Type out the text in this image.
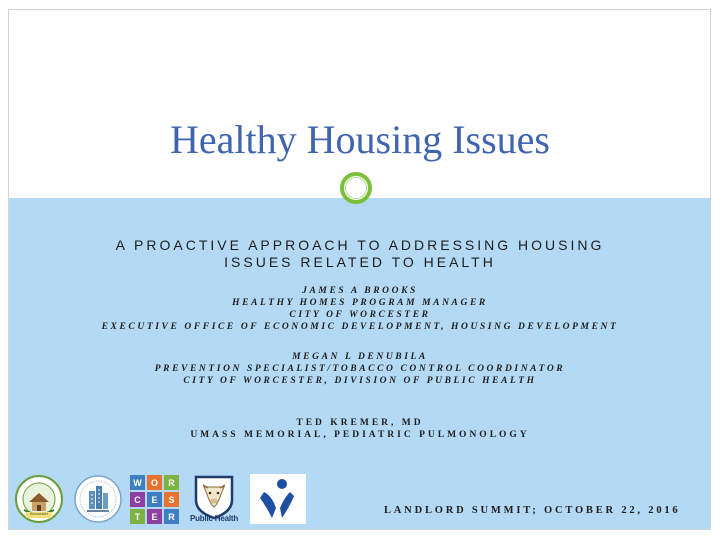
Healthy Housing Issues
A PROACTIVE APPROACH TO ADDRESSING HOUSING
ISSUES RELATED TO HEALTH
JAMES A BROOKS
HEALTHY HOMES PROGRAM MANAGER
CITY OF WORCESTER
EXECUTIVE OFFICE OF ECONOMIC DEVELOPMENT, HOUSING DEVELOPMENT
MEGAN L DENUBILA
PREVENTION SPECIALIST/TOBACCO CONTROL COORDINATOR
CITY OF WORCESTER, DIVISION OF PUBLIC HEALTH
TED KREMER, MD
UMASS MEMORIAL, PEDIATRIC PULMONOLOGY
Worcester
W O R
C E S
T E R	Public Health
LANDLORD SUMMIT; OCTOBER 22, 2016
